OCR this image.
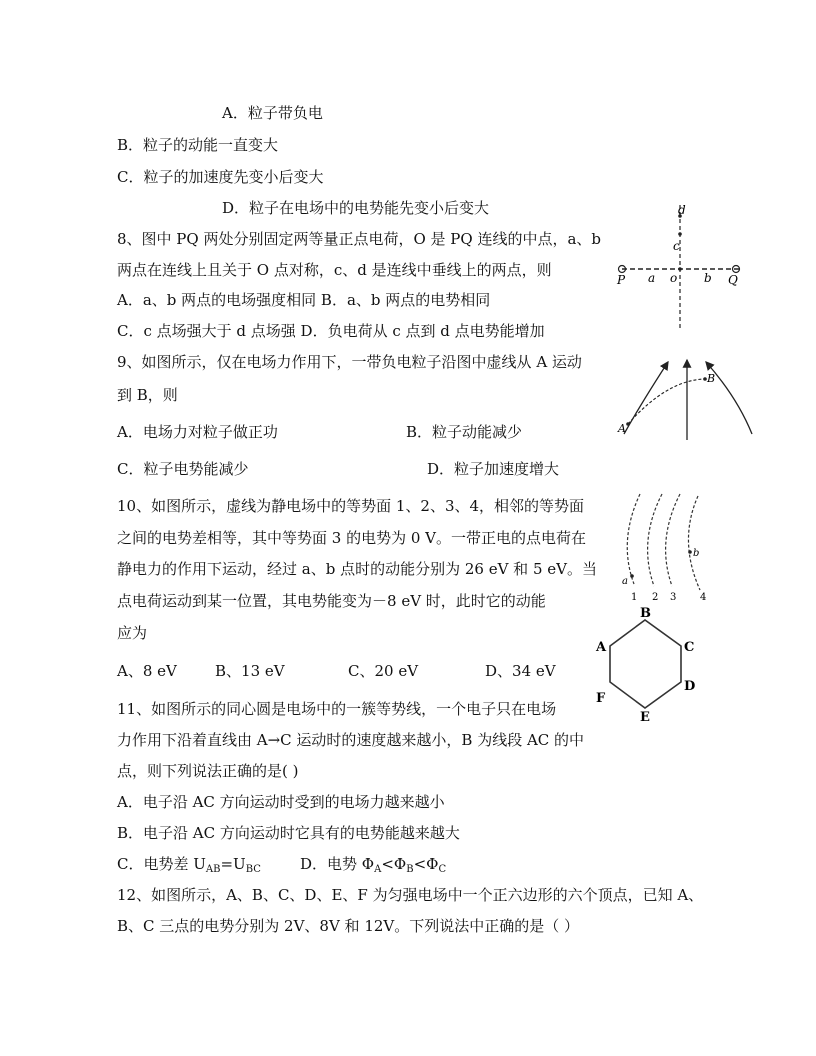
A．粒子带负电
B．粒子的动能一直变大
C．粒子的加速度先变小后变大
D．粒子在电场中的电势能先变小后变大
8、图中 PQ 两处分别固定两等量正点电荷，O 是 PQ 连线的中点，a、b
两点在连线上且关于 O 点对称，c、d 是连线中垂线上的两点，则
A．a、b 两点的电场强度相同 B．a、b 两点的电势相同
C．c 点场强大于 d 点场强 D．负电荷从 c 点到 d 点电势能增加
9、如图所示，仅在电场力作用下，一带负电粒子沿图中虚线从 A 运动
到 B，则
A．电场力对粒子做正功	B．粒子动能减少
C．粒子电势能减少	D．粒子加速度增大
10、如图所示，虚线为静电场中的等势面 1、2、3、4，相邻的等势面
之间的电势差相等，其中等势面 3 的电势为 0 V。一带正电的点电荷在
静电力的作用下运动，经过 a、b 点时的动能分别为 26 eV 和 5 eV。当
点电荷运动到某一位置，其电势能变为－8 eV 时，此时它的动能
应为
A、8 eV	B、13 eV	C、20 eV	D、34 eV
11、如图所示的同心圆是电场中的一簇等势线，一个电子只在电场
力作用下沿着直线由 A→C 运动时的速度越来越小，B 为线段 AC 的中
点，则下列说法正确的是( )
A．电子沿 AC 方向运动时受到的电场力越来越小
B．电子沿 AC 方向运动时它具有的电势能越来越大
C．电势差 $U_{AB}=U_{BC}$	D．电势 $\Phi_A<\Phi_B<\Phi_C$
12、如图所示，A、B、C、D、E、F 为匀强电场中一个正六边形的六个顶点，已知 A、
B、C 三点的电势分别为 2V、8V 和 12V。下列说法中正确的是（ ）
P a o b Q
c
d
A
B
a
b
1 2 3 4
A
B
C
D
E
F
